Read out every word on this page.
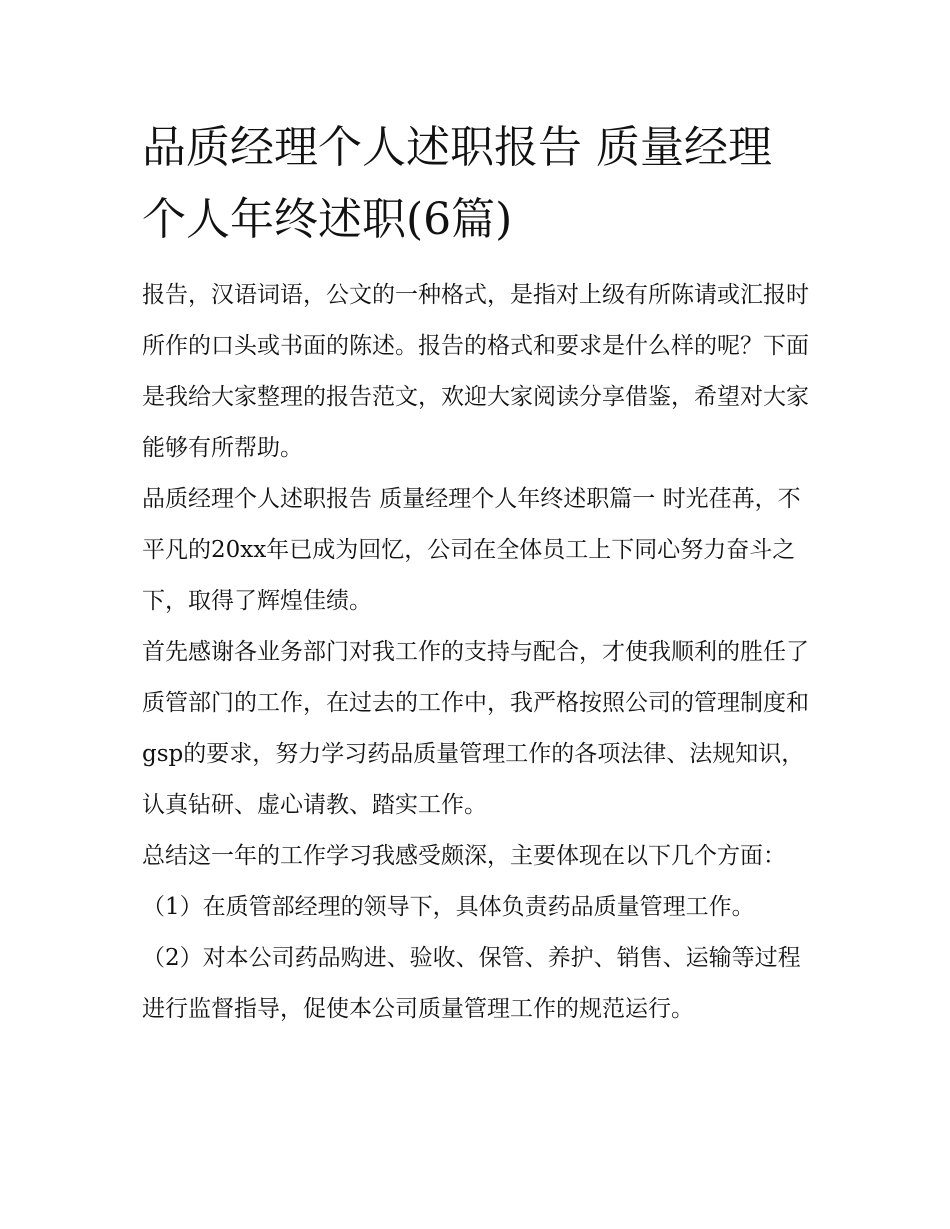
品质经理个人述职报告 质量经理个人年终述职(6篇)

报告，汉语词语，公文的一种格式，是指对上级有所陈请或汇报时所作的口头或书面的陈述。报告的格式和要求是什么样的呢？下面是我给大家整理的报告范文，欢迎大家阅读分享借鉴，希望对大家能够有所帮助。

品质经理个人述职报告 质量经理个人年终述职篇一 时光荏苒，不平凡的20xx年已成为回忆，公司在全体员工上下同心努力奋斗之下，取得了辉煌佳绩。

首先感谢各业务部门对我工作的支持与配合，才使我顺利的胜任了质管部门的工作，在过去的工作中，我严格按照公司的管理制度和gsp的要求，努力学习药品质量管理工作的各项法律、法规知识，认真钻研、虚心请教、踏实工作。

总结这一年的工作学习我感受颇深，主要体现在以下几个方面：（1）在质管部经理的领导下，具体负责药品质量管理工作。

（2）对本公司药品购进、验收、保管、养护、销售、运输等过程进行监督指导，促使本公司质量管理工作的规范运行。
